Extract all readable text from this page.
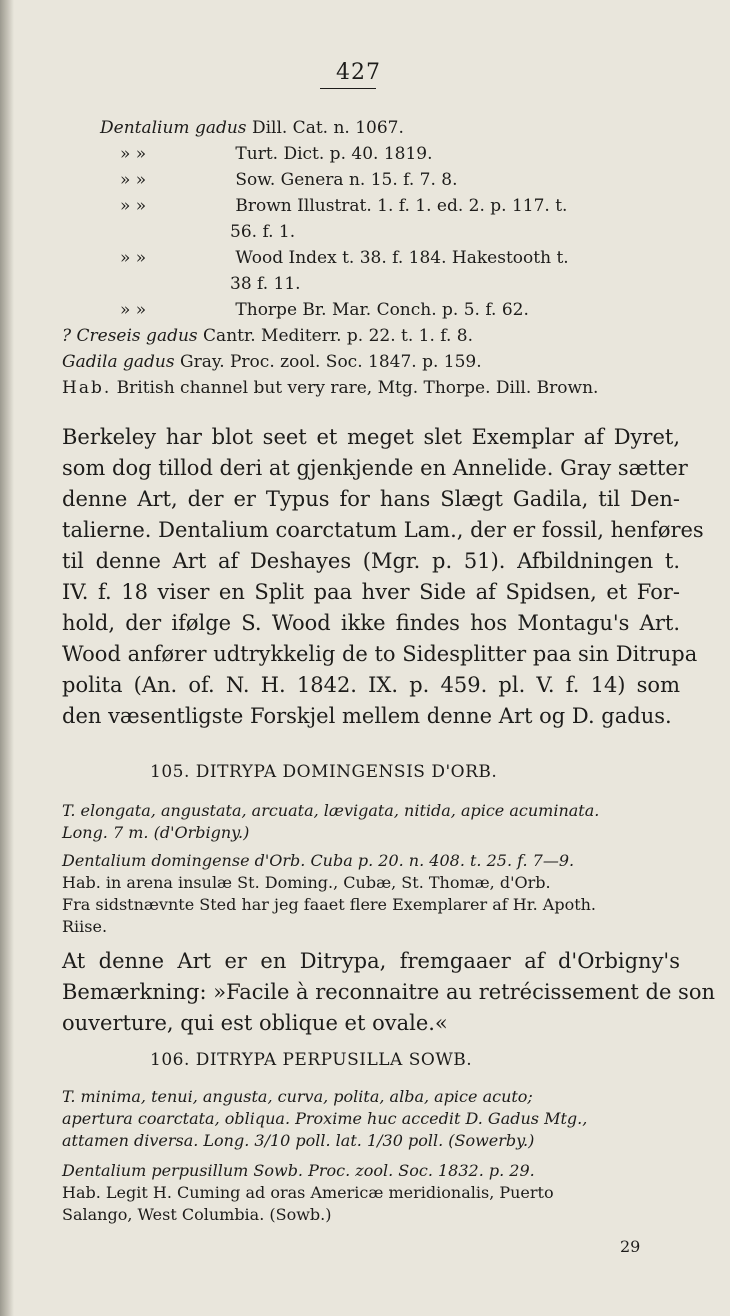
427
Dentalium gadus Dill. Cat. n. 1067.
» »	Turt. Dict. p. 40. 1819.
» »	Sow. Genera n. 15. f. 7. 8.
» »	Brown Illustrat. 1. f. 1. ed. 2. p. 117. t.
56. f. 1.
» »	Wood Index t. 38. f. 184. Hakestooth t.
38 f. 11.
» »	Thorpe Br. Mar. Conch. p. 5. f. 62.
? Creseis gadus Cantr. Mediterr. p. 22. t. 1. f. 8.
Gadila gadus Gray. Proc. zool. Soc. 1847. p. 159.
Hab. British channel but very rare, Mtg. Thorpe. Dill. Brown.
Berkeley har blot seet et meget slet Exemplar af Dyret,
som dog tillod deri at gjenkjende en Annelide. Gray sætter
denne Art, der er Typus for hans Slægt Gadila, til Den-
talierne. Dentalium coarctatum Lam., der er fossil, henføres
til denne Art af Deshayes (Mgr. p. 51). Afbildningen t.
IV. f. 18 viser en Split paa hver Side af Spidsen, et For-
hold, der ifølge S. Wood ikke findes hos Montagu's Art.
Wood anfører udtrykkelig de to Sidesplitter paa sin Ditrupa
polita (An. of. N. H. 1842. IX. p. 459. pl. V. f. 14) som
den væsentligste Forskjel mellem denne Art og D. gadus.
105. DITRYPA DOMINGENSIS D'ORB.
T. elongata, angustata, arcuata, lævigata, nitida, apice acuminata.
Long. 7 m. (d'Orbigny.)
Dentalium domingense d'Orb. Cuba p. 20. n. 408. t. 25. f. 7—9.
Hab. in arena insulæ St. Doming., Cubæ, St. Thomæ, d'Orb.
Fra sidstnævnte Sted har jeg faaet flere Exemplarer af Hr. Apoth.
Riise.
At denne Art er en Ditrypa, fremgaaer af d'Orbigny's
Bemærkning: »Facile à reconnaitre au retrécissement de son
ouverture, qui est oblique et ovale.«
106. DITRYPA PERPUSILLA SOWB.
T. minima, tenui, angusta, curva, polita, alba, apice acuto;
apertura coarctata, obliqua. Proxime huc accedit D. Gadus Mtg.,
attamen diversa. Long. 3/10 poll. lat. 1/30 poll. (Sowerby.)
Dentalium perpusillum Sowb. Proc. zool. Soc. 1832. p. 29.
Hab. Legit H. Cuming ad oras Americæ meridionalis, Puerto
Salango, West Columbia. (Sowb.)
29
